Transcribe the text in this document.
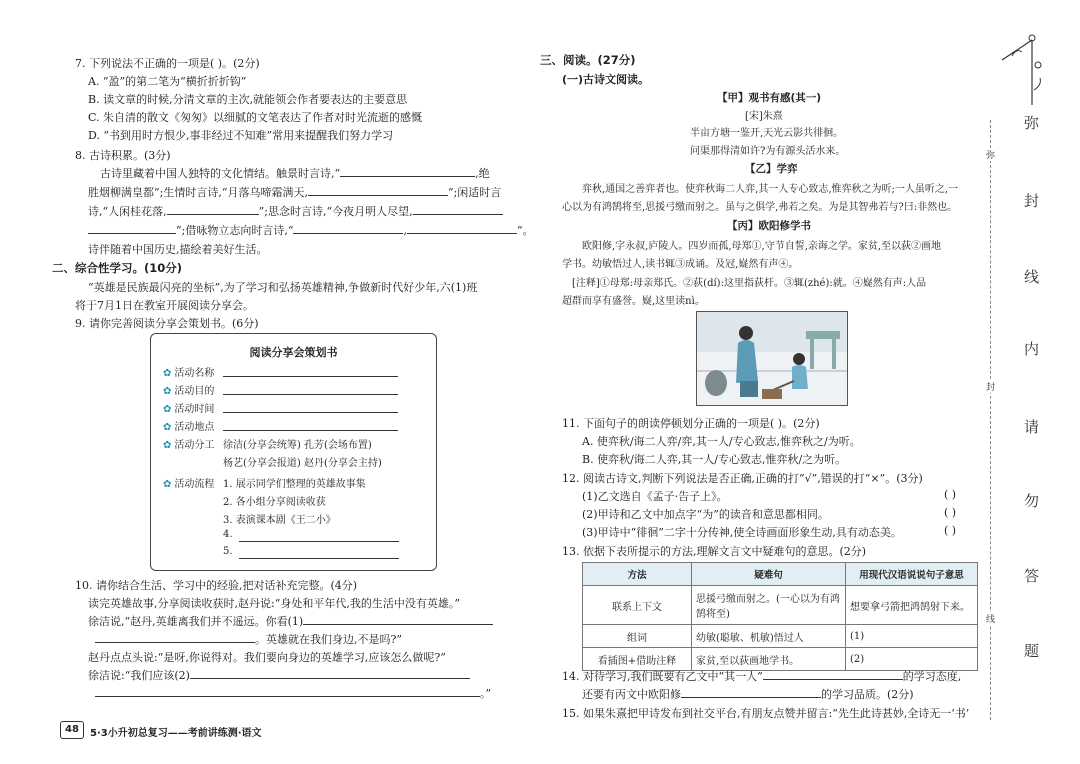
7. 下列说法不正确的一项是( )。(2分)
A. “盈”的第二笔为“横折折折钩”
B. 读文章的时候,分清文章的主次,就能领会作者要表达的主要意思
C. 朱自清的散文《匆匆》以细腻的文笔表达了作者对时光流逝的感慨
D. “书到用时方恨少,事非经过不知难”常用来提醒我们努力学习
8. 古诗积累。(3分)
古诗里藏着中国人独特的文化情结。触景时言诗,“	,绝
胜烟柳满皇都”;生情时言诗,“月落乌啼霜满天,	”;闲适时言
诗,“人闲桂花落,	”;思念时言诗,“今夜月明人尽望,
”;借咏物立志向时言诗,“	,	”。
诗伴随着中国历史,描绘着美好生活。
二、综合性学习。(10分)
“英雄是民族最闪亮的坐标”,为了学习和弘扬英雄精神,争做新时代好少年,六(1)班
将于7月1日在教室开展阅读分享会。
9. 请你完善阅读分享会策划书。(6分)
阅读分享会策划书
✿ 活动名称
✿ 活动目的
✿ 活动时间
✿ 活动地点
✿ 活动分工 徐洁(分享会统筹) 孔芳(会场布置)
杨艺(分享会报道) 赵丹(分享会主持)
✿ 活动流程 1. 展示同学们整理的英雄故事集
2. 各小组分享阅读收获
3. 表演课本剧《王二小》
4.
5.
10. 请你结合生活、学习中的经验,把对话补充完整。(4分)
读完英雄故事,分享阅读收获时,赵丹说:“身处和平年代,我的生活中没有英雄。”
徐洁说,“赵丹,英雄离我们并不遥远。你看(1)
。英雄就在我们身边,不是吗?”
赵丹点点头说:“是呀,你说得对。我们要向身边的英雄学习,应该怎么做呢?”
徐洁说:“我们应该(2)
。”
48	5·3小升初总复习——考前讲练测·语文
三、阅读。(27分)
(一)古诗文阅读。
【甲】观书有感(其一)
[宋]朱熹
半亩方塘一鉴开,天光云影共徘徊。
问渠那得清如许?为有源头活水来。
【乙】学弈
弈秋,通国之善弈者也。使弈秋诲二人弈,其一人专心致志,惟弈秋之为听;一人虽听之,一
心以为有鸿鹄将至,思援弓缴而射之。虽与之俱学,弗若之矣。为是其智弗若与?曰:非然也。
【丙】欧阳修学书
欧阳修,字永叔,庐陵人。四岁而孤,母郑①,守节自誓,亲诲之学。家贫,至以荻②画地
学书。幼敏悟过人,读书辄③成诵。及冠,嶷然有声④。
[注释]①母郑:母亲郑氏。②荻(dí):这里指荻杆。③辄(zhé):就。④嶷然有声:人品
超群而享有盛誉。嶷,这里读nì。
11. 下面句子的朗读停顿划分正确的一项是( )。(2分)
A. 使弈秋/诲二人弈/弈,其一人/专心致志,惟弈秋之/为听。
B. 使弈秋/诲二人弈,其一人/专心致志,惟弈秋/之为听。
12. 阅读古诗文,判断下列说法是否正确,正确的打“√”,错误的打“×”。(3分)
(1)乙文选自《孟子·告子上》。	( )
(2)甲诗和乙文中加点字“为”的读音和意思都相同。	( )
(3)甲诗中“徘徊”二字十分传神,使全诗画面形象生动,具有动态美。	( )
13. 依据下表所提示的方法,理解文言文中疑难句的意思。(2分)
方法	疑难句	用现代汉语说说句子意思
联系上下文	思援弓缴而射之。(一心以为有鸿鹄将至)	想要拿弓箭把鸿鹄射下来。
组词	幼敏(聪敏、机敏)悟过人	(1)
看插图+借助注释	家贫,至以荻画地学书。	(2)
14. 对待学习,我们既要有乙文中“其一人”	的学习态度,
还要有丙文中欧阳修	的学习品质。(2分)
15. 如果朱熹把甲诗发布到社交平台,有朋友点赞并留言:“先生此诗甚妙,全诗无一‘书’
弥
封
线
内
请
勿
答
题
弥
封
线
